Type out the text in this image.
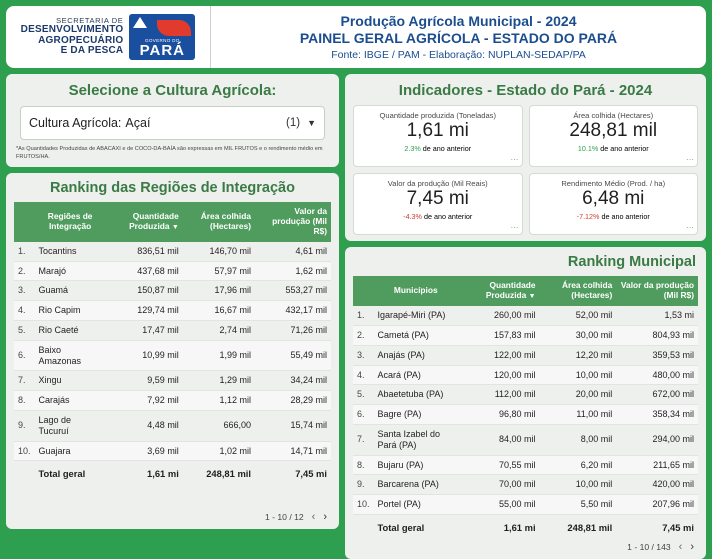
SECRETARIA DE
DESENVOLVIMENTO
AGROPECUÁRIO
E DA PESCA
GOVERNO DO
PARÁ
Produção Agrícola Municipal - 2024
PAINEL GERAL AGRÍCOLA - ESTADO DO PARÁ
Fonte: IBGE / PAM - Elaboração: NUPLAN-SEDAP/PA
Selecione a Cultura Agrícola:
Cultura Agrícola: Açaí	(1) ▼
*As Quantidades Produzidas de ABACAXI e de COCO-DA-BAÍA são expressas em MIL FRUTOS e o rendimento médio em FRUTOS/HA.
Ranking das Regiões de Integração
	Regiões de Integração	Quantidade Produzida ▼	Área colhida (Hectares)	Valor da produção (Mil R$)
1.	Tocantins	836,51 mil	146,70 mil	4,61 mil
2.	Marajó	437,68 mil	57,97 mil	1,62 mil
3.	Guamá	150,87 mil	17,96 mil	553,27 mil
4.	Rio Capim	129,74 mil	16,67 mil	432,17 mil
5.	Rio Caeté	17,47 mil	2,74 mil	71,26 mil
6.	Baixo Amazonas	10,99 mil	1,99 mil	55,49 mil
7.	Xingu	9,59 mil	1,29 mil	34,24 mil
8.	Carajás	7,92 mil	1,12 mil	28,29 mil
9.	Lago de Tucuruí	4,48 mil	666,00	15,74 mil
10.	Guajara	3,69 mil	1,02 mil	14,71 mil
	Total geral	1,61 mi	248,81 mil	7,45 mi
1 - 10 / 12 ‹ ›
Indicadores - Estado do Pará - 2024
Quantidade produzida (Toneladas)
1,61 mi
2.3% de ano anterior
⋯
Área colhida (Hectares)
248,81 mil
10.1% de ano anterior
⋯
Valor da produção (Mil Reais)
7,45 mi
-4.3% de ano anterior
⋯
Rendimento Médio (Prod. / ha)
6,48 mi
-7.12% de ano anterior
⋯
Ranking Municipal
	Municípios	Quantidade Produzida ▼	Área colhida (Hectares)	Valor da produção (Mil R$)
1.	Igarapé-Miri (PA)	260,00 mil	52,00 mil	1,53 mi
2.	Cametá (PA)	157,83 mil	30,00 mil	804,93 mil
3.	Anajás (PA)	122,00 mil	12,20 mil	359,53 mil
4.	Acará (PA)	120,00 mil	10,00 mil	480,00 mil
5.	Abaetetuba (PA)	112,00 mil	20,00 mil	672,00 mil
6.	Bagre (PA)	96,80 mil	11,00 mil	358,34 mil
7.	Santa Izabel do Pará (PA)	84,00 mil	8,00 mil	294,00 mil
8.	Bujaru (PA)	70,55 mil	6,20 mil	211,65 mil
9.	Barcarena (PA)	70,00 mil	10,00 mil	420,00 mil
10.	Portel (PA)	55,00 mil	5,50 mil	207,96 mil
	Total geral	1,61 mi	248,81 mil	7,45 mi
1 - 10 / 143 ‹ ›
